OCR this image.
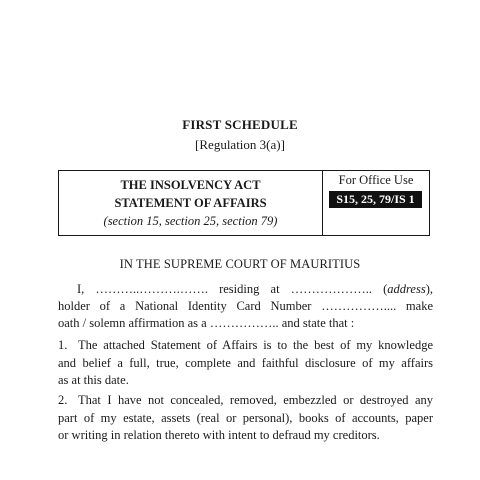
FIRST SCHEDULE
[Regulation 3(a)]
THE INSOLVENCY ACT
STATEMENT OF AFFAIRS
(section 15, section 25, section 79)
For Office Use
S15, 25, 79/IS 1
IN THE SUPREME COURT OF MAURITIUS
I, ………..……….……. residing at ……………….. (address),
holder of a National Identity Card Number …………….... make
oath / solemn affirmation as a …………….. and state that :
1. The attached Statement of Affairs is to the best of my knowledge
and belief a full, true, complete and faithful disclosure of my affairs
as at this date.
2. That I have not concealed, removed, embezzled or destroyed any
part of my estate, assets (real or personal), books of accounts, paper
or writing in relation thereto with intent to defraud my creditors.
